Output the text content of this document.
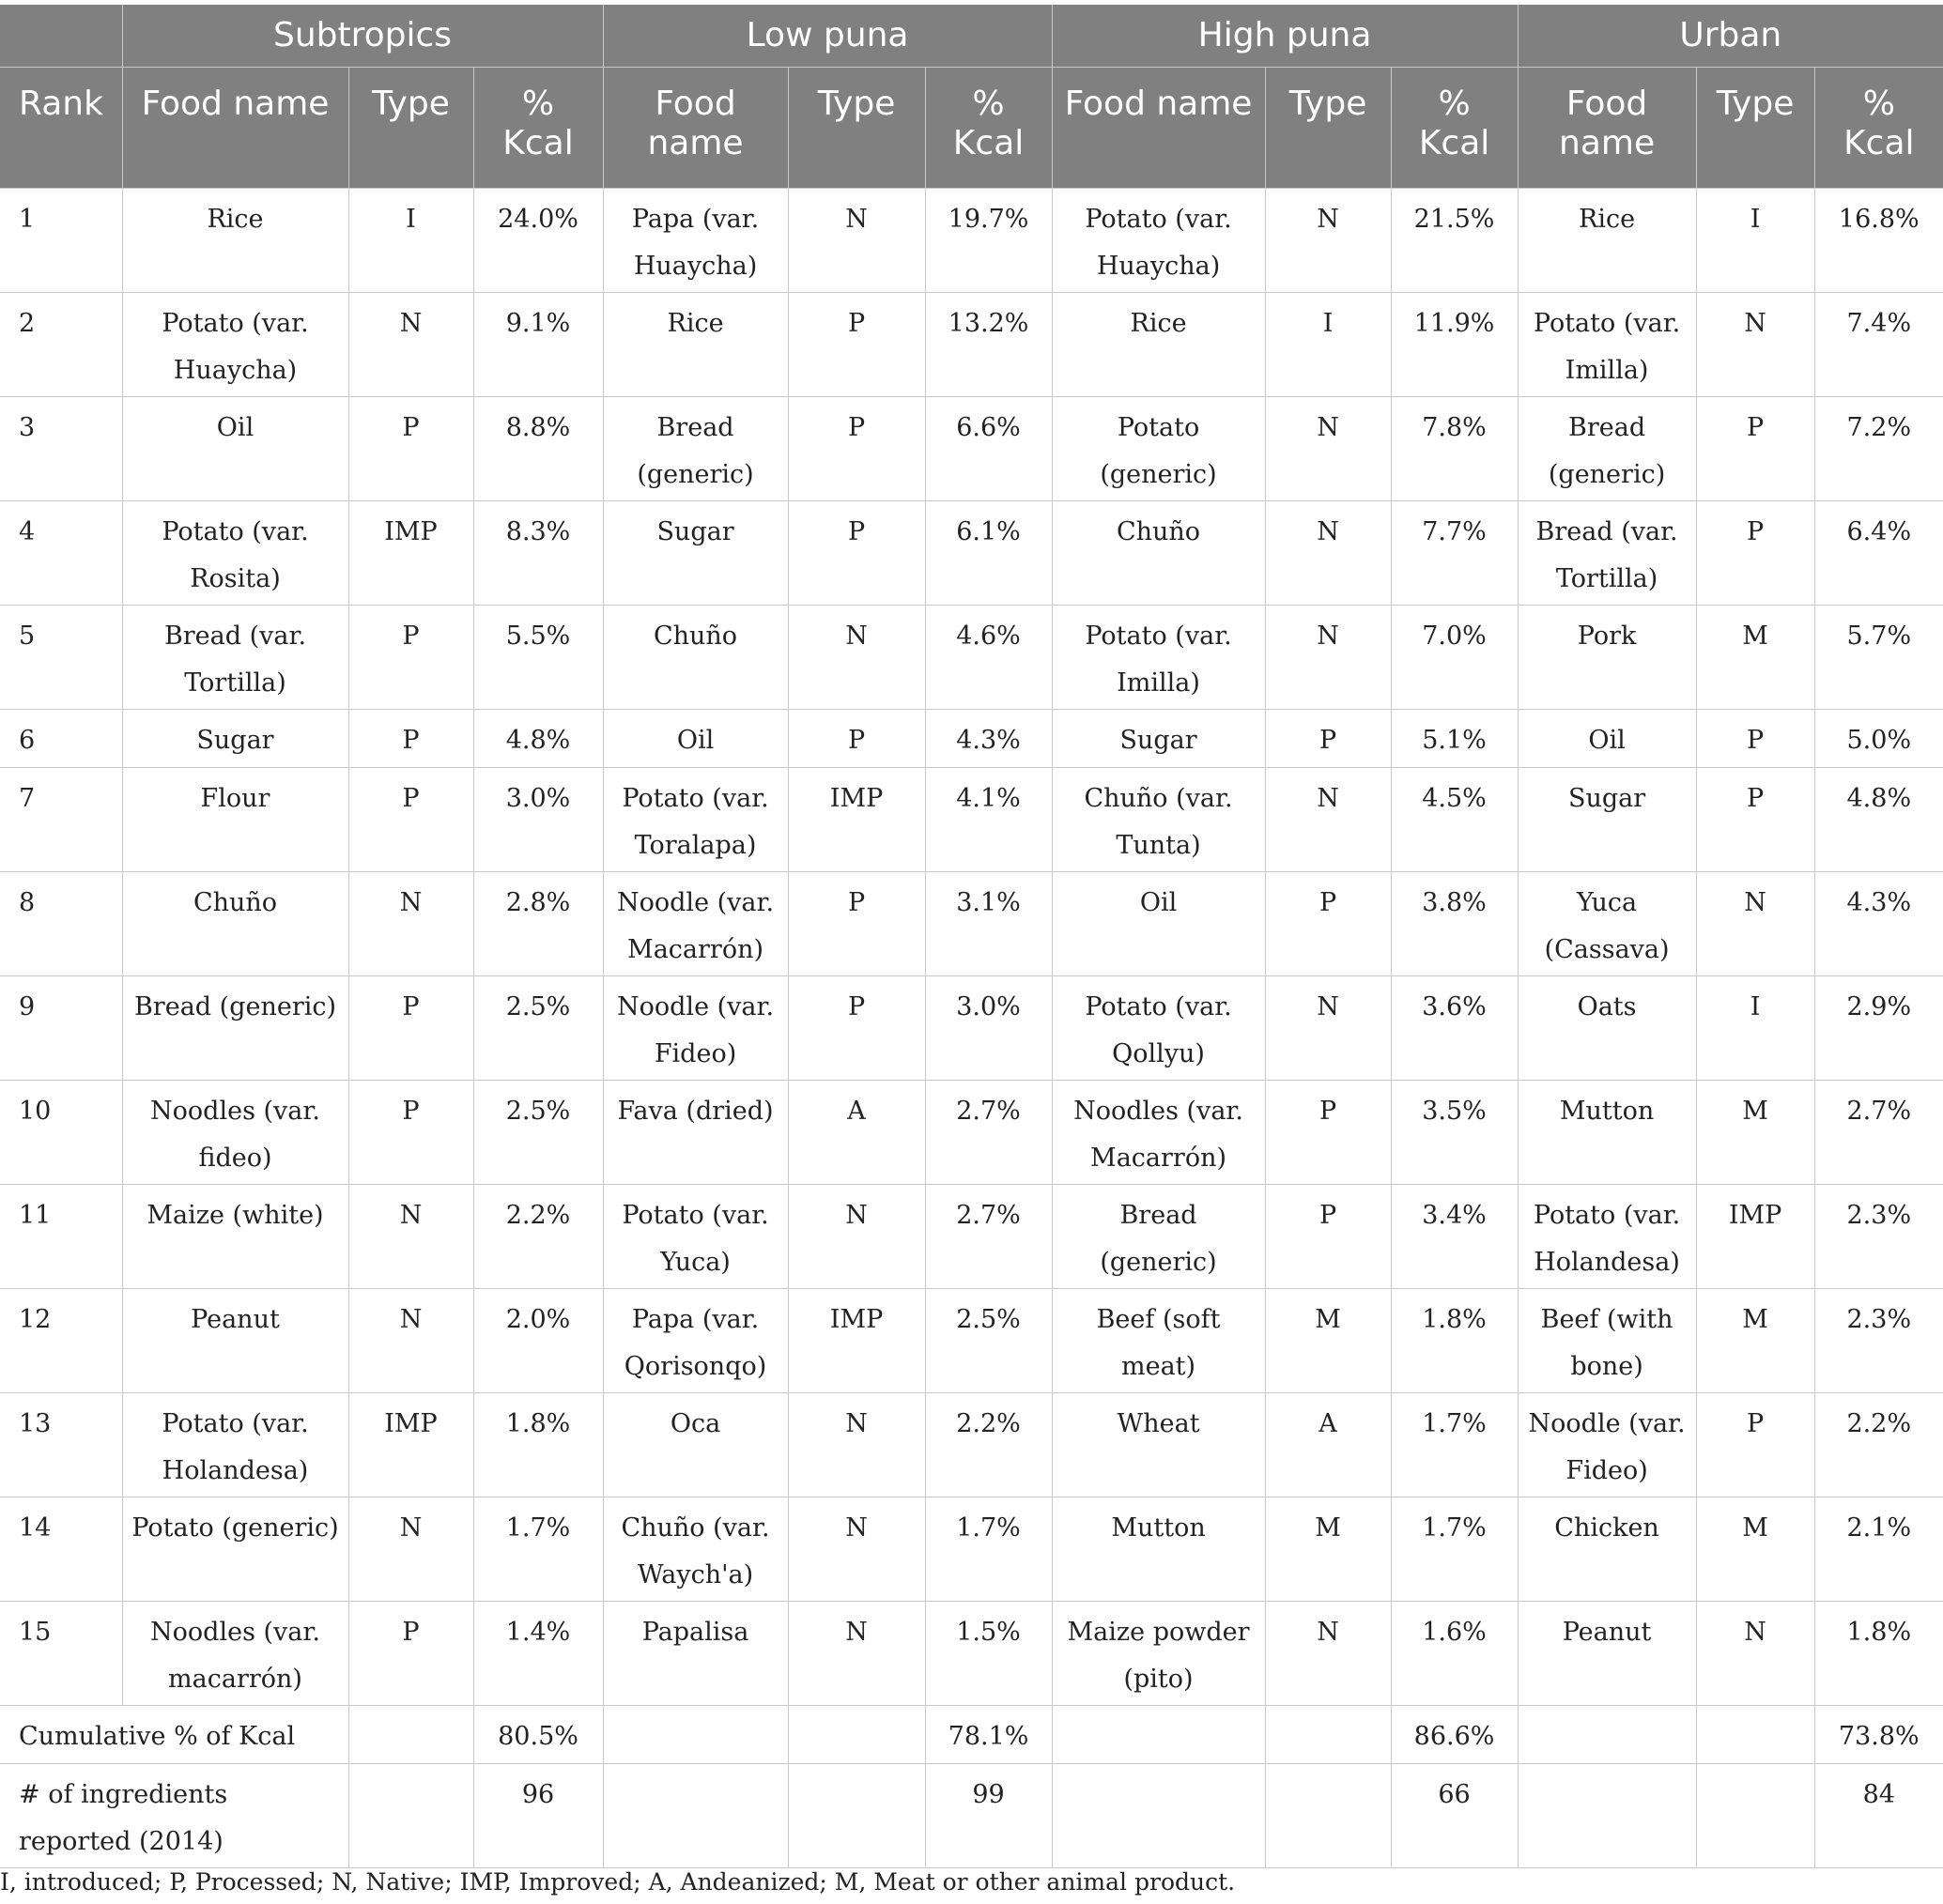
	Subtropics			Low puna			High puna			Urban		
Rank	Food name	Type	% Kcal	Food name	Type	% Kcal	Food name	Type	% Kcal	Food name	Type	% Kcal
1	Rice	I	24.0%	Papa (var. Huaycha)	N	19.7%	Potato (var. Huaycha)	N	21.5%	Rice	I	16.8%
2	Potato (var. Huaycha)	N	9.1%	Rice	P	13.2%	Rice	I	11.9%	Potato (var. Imilla)	N	7.4%
3	Oil	P	8.8%	Bread (generic)	P	6.6%	Potato (generic)	N	7.8%	Bread (generic)	P	7.2%
4	Potato (var. Rosita)	IMP	8.3%	Sugar	P	6.1%	Chuño	N	7.7%	Bread (var. Tortilla)	P	6.4%
5	Bread (var. Tortilla)	P	5.5%	Chuño	N	4.6%	Potato (var. Imilla)	N	7.0%	Pork	M	5.7%
6	Sugar	P	4.8%	Oil	P	4.3%	Sugar	P	5.1%	Oil	P	5.0%
7	Flour	P	3.0%	Potato (var. Toralapa)	IMP	4.1%	Chuño (var. Tunta)	N	4.5%	Sugar	P	4.8%
8	Chuño	N	2.8%	Noodle (var. Macarrón)	P	3.1%	Oil	P	3.8%	Yuca (Cassava)	N	4.3%
9	Bread (generic)	P	2.5%	Noodle (var. Fideo)	P	3.0%	Potato (var. Qollyu)	N	3.6%	Oats	I	2.9%
10	Noodles (var. fideo)	P	2.5%	Fava (dried)	A	2.7%	Noodles (var. Macarrón)	P	3.5%	Mutton	M	2.7%
11	Maize (white)	N	2.2%	Potato (var. Yuca)	N	2.7%	Bread (generic)	P	3.4%	Potato (var. Holandesa)	IMP	2.3%
12	Peanut	N	2.0%	Papa (var. Qorisonqo)	IMP	2.5%	Beef (soft meat)	M	1.8%	Beef (with bone)	M	2.3%
13	Potato (var. Holandesa)	IMP	1.8%	Oca	N	2.2%	Wheat	A	1.7%	Noodle (var. Fideo)	P	2.2%
14	Potato (generic)	N	1.7%	Chuño (var. Waych'a)	N	1.7%	Mutton	M	1.7%	Chicken	M	2.1%
15	Noodles (var. macarrón)	P	1.4%	Papalisa	N	1.5%	Maize powder (pito)	N	1.6%	Peanut	N	1.8%
Cumulative % of Kcal			80.5%			78.1%			86.6%			73.8%
# of ingredients reported (2014)			96			99			66			84
I, introduced; P, Processed; N, Native; IMP, Improved; A, Andeanized; M, Meat or other animal product.
